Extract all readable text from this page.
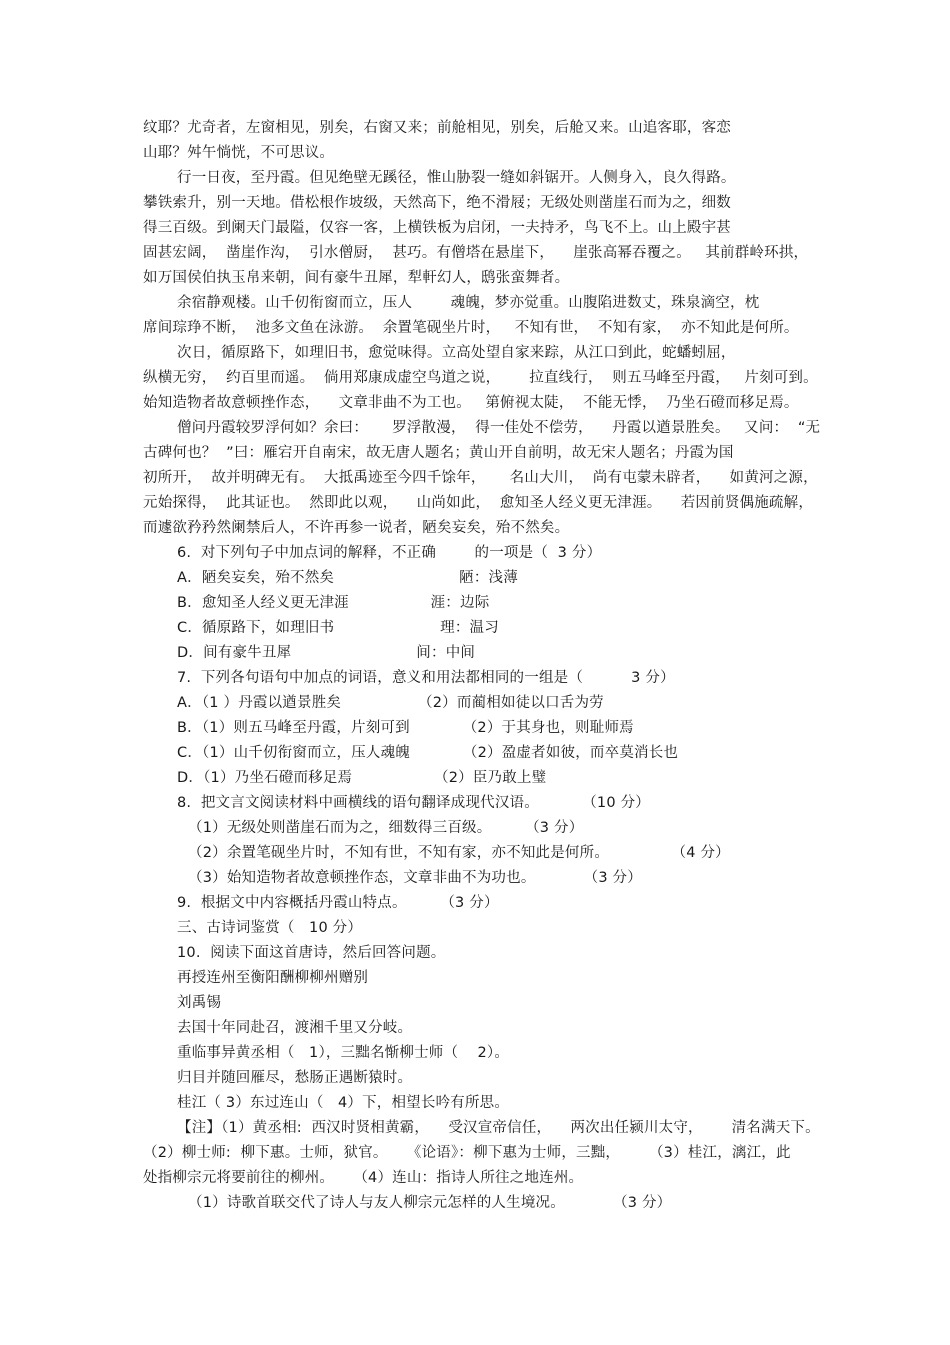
纹耶？尤奇者，左窗相见，别矣，右窗又来；前舱相见，别矣，后舱又来。山追客耶，客恋
山耶？舛午惝恍，不可思议。
行一日夜，至丹霞。但见绝壁无蹊径，惟山胁裂一缝如斜锯开。人侧身入，良久得路。
攀铁索升，别一天地。借松根作坡级，天然高下，绝不滑屐；无级处则凿崖石而为之，细数
得三百级。到阑天门最隘，仅容一客，上横铁板为启闭，一夫持矛，鸟飞不上。山上殿宇甚
固甚宏阔，  凿崖作沟，  引水僧厨，  甚巧。有僧塔在悬崖下，    崖张高幂吞覆之。   其前群岭环拱，
如万国侯伯执玉帛来朝，间有豪牛丑犀，犁軒幻人，鸱张蛮舞者。
余宿静观楼。山千仞衔窗而立，压人        魂魄，梦亦觉重。山腹陷进数丈，珠泉滴空，枕
席间琮琤不断，  池多文鱼在泳游。  余置笔砚坐片时，   不知有世，  不知有家，  亦不知此是何所。
次日，循原路下，如理旧书，愈觉味得。立高处望自家来踪，从江口到此，蛇蟠蚓屈，
纵横无穷，  约百里而遥。  倘用郑康成虚空鸟道之说，      拉直线行，  则五马峰至丹霞，   片刻可到。
始知造物者故意顿挫作态，    文章非曲不为工也。   第俯视太陡，  不能无悸，  乃坐石磴而移足焉。
僧问丹霞较罗浮何如？余曰：     罗浮散漫，  得一佳处不偿劳，    丹霞以遒景胜矣。   又问：  “无
古碑何也？  ”曰：雁宕开自南宋，故无唐人题名；黄山开自前明，故无宋人题名；丹霞为国
初所开，  故并明碑无有。  大抵禹迹至今四千馀年，     名山大川，  尚有屯蒙未辟者，    如黄河之源，
元始探得，  此其证也。  然即此以观，    山尚如此，  愈知圣人经义更无津涯。    若因前贤偶施疏解，
而遽欲矜矜然阑禁后人，不许再参一说者，陋矣妄矣，殆不然矣。
6.  对下列句子中加点词的解释，不正确        的一项是（  3 分）
A．陋矣妄矣，殆不然矣                          陋：浅薄
B．愈知圣人经义更无津涯                 涯：边际
C．循原路下，如理旧书                      理：温习
D．间有豪牛丑犀                          间：中间
7.  下列各句语句中加点的词语，意义和用法都相同的一组是（          3 分）
A．（1 ）丹霞以遒景胜矣                （2）而蔺相如徒以口舌为劳
B．（1）则五马峰至丹霞，片刻可到           （2）于其身也，则耻师焉
C．（1）山千仞衔窗而立，压人魂魄           （2）盈虚者如彼，而卒莫消长也
D．（1）乃坐石磴而移足焉                 （2）臣乃敢上璧
8.  把文言文阅读材料中画横线的语句翻译成现代汉语。         （10 分）
（1）无级处则凿崖石而为之，细数得三百级。       （3 分）
（2）余置笔砚坐片时，不知有世，不知有家，亦不知此是何所。             （4 分）
（3）始知造物者故意顿挫作态，文章非曲不为功也。          （3 分）
9.  根据文中内容概括丹霞山特点。       （3 分）
三、古诗词鉴赏（   10 分）
10.  阅读下面这首唐诗，然后回答问题。
再授连州至衡阳酬柳柳州赠别
刘禹锡
去国十年同赴召，渡湘千里又分岐。
重临事异黄丞相（   1），三黜名惭柳士师（    2）。
归目并随回雁尽，愁肠正遇断猿时。
桂江（ 3）东过连山（   4）下，相望长吟有所思。
【注】（1）黄丞相:  西汉时贤相黄霸，    受汉宣帝信任，    两次出任颍川太守，      清名满天下。
（2）柳士师:  柳下惠。士师，狱官。    《论语》：柳下惠为士师，三黜，      （3）桂江，漓江，此
处指柳宗元将要前往的柳州。    （4）连山：指诗人所往之地连州。
（1）诗歌首联交代了诗人与友人柳宗元怎样的人生境况。          （3 分）
